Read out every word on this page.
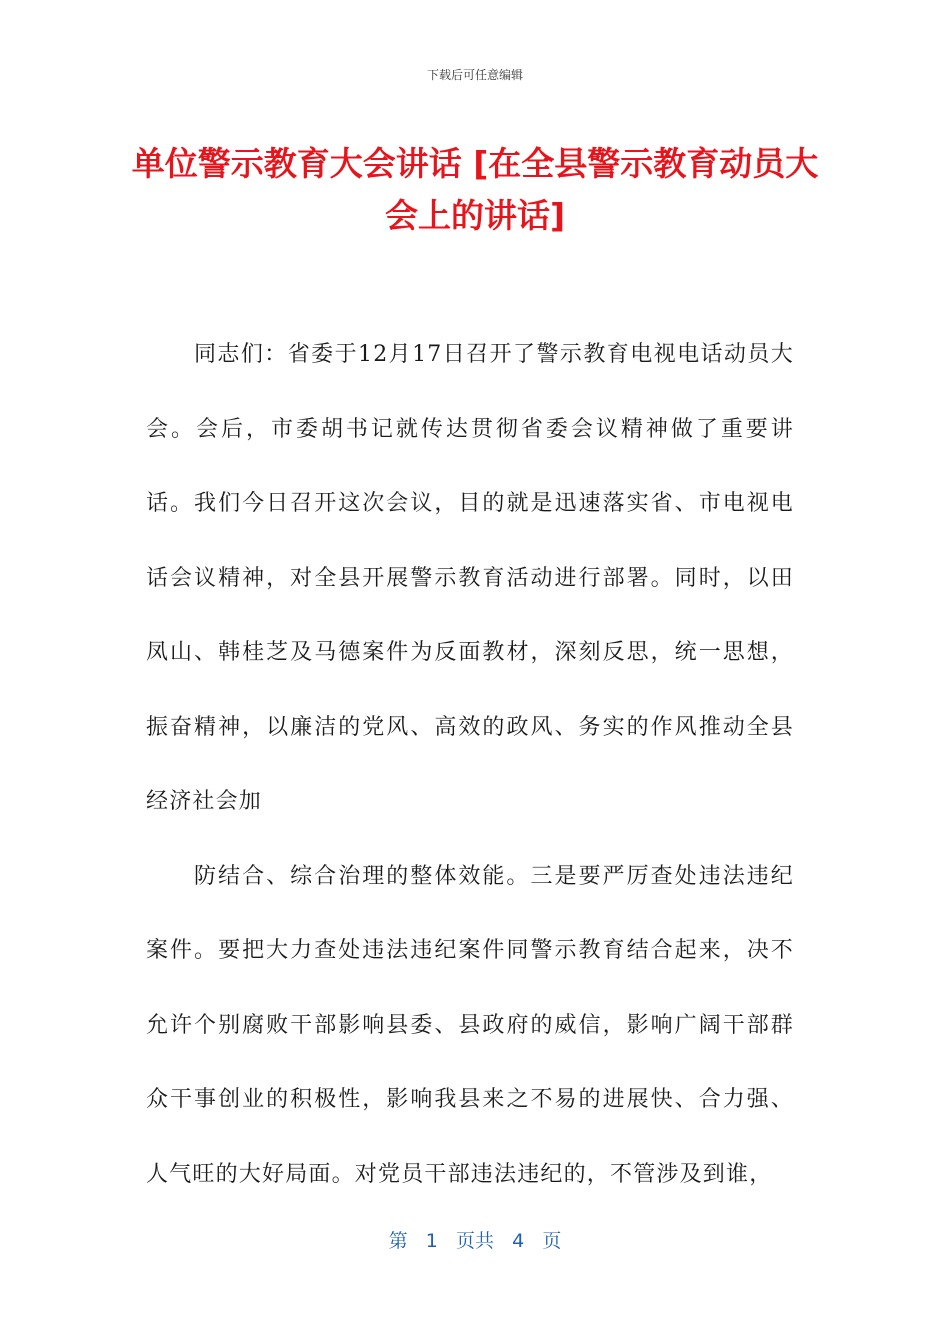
下载后可任意编辑
单位警示教育大会讲话 [在全县警示教育动员大会上的讲话]

同志们：省委于12月17日召开了警示教育电视电话动员大会。会后，市委胡书记就传达贯彻省委会议精神做了重要讲话。我们今日召开这次会议，目的就是迅速落实省、市电视电话会议精神，对全县开展警示教育活动进行部署。同时，以田凤山、韩桂芝及马德案件为反面教材，深刻反思，统一思想，振奋精神，以廉洁的党风、高效的政风、务实的作风推动全县经济社会加

防结合、综合治理的整体效能。三是要严厉查处违法违纪案件。要把大力查处违法违纪案件同警示教育结合起来，决不允许个别腐败干部影响县委、县政府的威信，影响广阔干部群众干事创业的积极性，影响我县来之不易的进展快、合力强、人气旺的大好局面。对党员干部违法违纪的，不管涉及到谁，

第 1 页共 4 页
